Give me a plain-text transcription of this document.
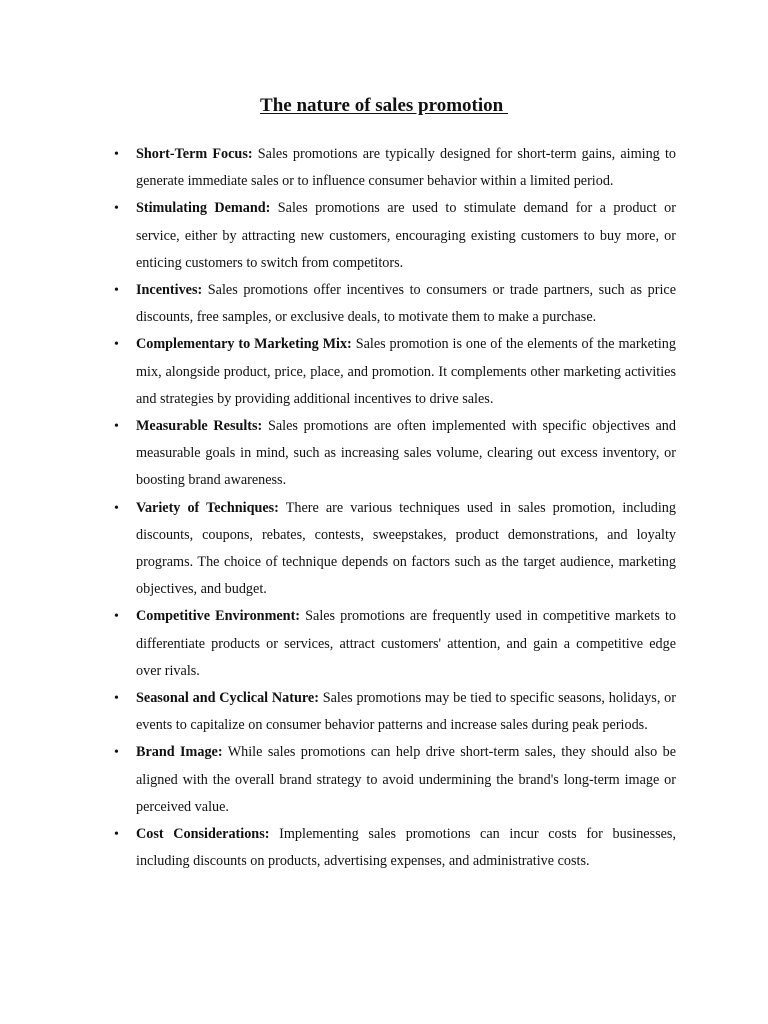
The nature of sales promotion
• Short-Term Focus: Sales promotions are typically designed for short-term gains, aiming to generate immediate sales or to influence consumer behavior within a limited period.
• Stimulating Demand: Sales promotions are used to stimulate demand for a product or service, either by attracting new customers, encouraging existing customers to buy more, or enticing customers to switch from competitors.
• Incentives: Sales promotions offer incentives to consumers or trade partners, such as price discounts, free samples, or exclusive deals, to motivate them to make a purchase.
• Complementary to Marketing Mix: Sales promotion is one of the elements of the marketing mix, alongside product, price, place, and promotion. It complements other marketing activities and strategies by providing additional incentives to drive sales.
• Measurable Results: Sales promotions are often implemented with specific objectives and measurable goals in mind, such as increasing sales volume, clearing out excess inventory, or boosting brand awareness.
• Variety of Techniques: There are various techniques used in sales promotion, including discounts, coupons, rebates, contests, sweepstakes, product demonstrations, and loyalty programs. The choice of technique depends on factors such as the target audience, marketing objectives, and budget.
• Competitive Environment: Sales promotions are frequently used in competitive markets to differentiate products or services, attract customers' attention, and gain a competitive edge over rivals.
• Seasonal and Cyclical Nature: Sales promotions may be tied to specific seasons, holidays, or events to capitalize on consumer behavior patterns and increase sales during peak periods.
• Brand Image: While sales promotions can help drive short-term sales, they should also be aligned with the overall brand strategy to avoid undermining the brand's long-term image or perceived value.
• Cost Considerations: Implementing sales promotions can incur costs for businesses, including discounts on products, advertising expenses, and administrative costs.
